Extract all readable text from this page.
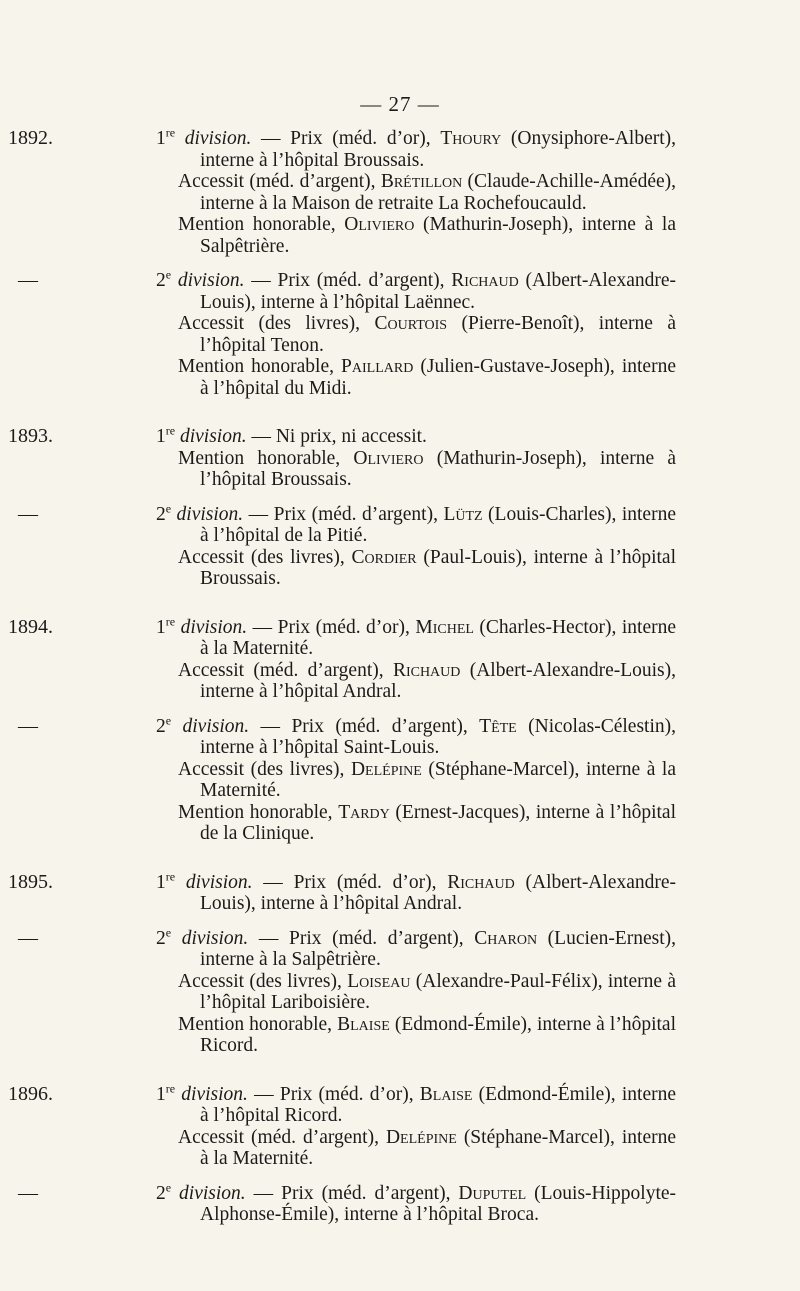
— 27 —
1892.	1re division. — Prix (méd. d’or), Thoury (Onysiphore-Albert), interne à l’hôpital Broussais.
Accessit (méd. d’argent), Brétillon (Claude-Achille-Amédée), interne à la Maison de retraite La Rochefoucauld.
Mention honorable, Oliviero (Mathurin-Joseph), interne à la Salpêtrière.
—	2e division. — Prix (méd. d’argent), Richaud (Albert-Alexandre-Louis), interne à l’hôpital Laënnec.
Accessit (des livres), Courtois (Pierre-Benoît), interne à l’hôpital Tenon.
Mention honorable, Paillard (Julien-Gustave-Joseph), interne à l’hôpital du Midi.
1893.	1re division. — Ni prix, ni accessit.
Mention honorable, Oliviero (Mathurin-Joseph), interne à l’hôpital Broussais.
—	2e division. — Prix (méd. d’argent), Lütz (Louis-Charles), interne à l’hôpital de la Pitié.
Accessit (des livres), Cordier (Paul-Louis), interne à l’hôpital Broussais.
1894.	1re division. — Prix (méd. d’or), Michel (Charles-Hector), interne à la Maternité.
Accessit (méd. d’argent), Richaud (Albert-Alexandre-Louis), interne à l’hôpital Andral.
—	2e division. — Prix (méd. d’argent), Tête (Nicolas-Célestin), interne à l’hôpital Saint-Louis.
Accessit (des livres), Delépine (Stéphane-Marcel), interne à la Maternité.
Mention honorable, Tardy (Ernest-Jacques), interne à l’hôpital de la Clinique.
1895.	1re division. — Prix (méd. d’or), Richaud (Albert-Alexandre-Louis), interne à l’hôpital Andral.
—	2e division. — Prix (méd. d’argent), Charon (Lucien-Ernest), interne à la Salpêtrière.
Accessit (des livres), Loiseau (Alexandre-Paul-Félix), interne à l’hôpital Lariboisière.
Mention honorable, Blaise (Edmond-Émile), interne à l’hôpital Ricord.
1896.	1re division. — Prix (méd. d’or), Blaise (Edmond-Émile), interne à l’hôpital Ricord.
Accessit (méd. d’argent), Delépine (Stéphane-Marcel), interne à la Maternité.
—	2e division. — Prix (méd. d’argent), Duputel (Louis-Hippolyte-Alphonse-Émile), interne à l’hôpital Broca.
